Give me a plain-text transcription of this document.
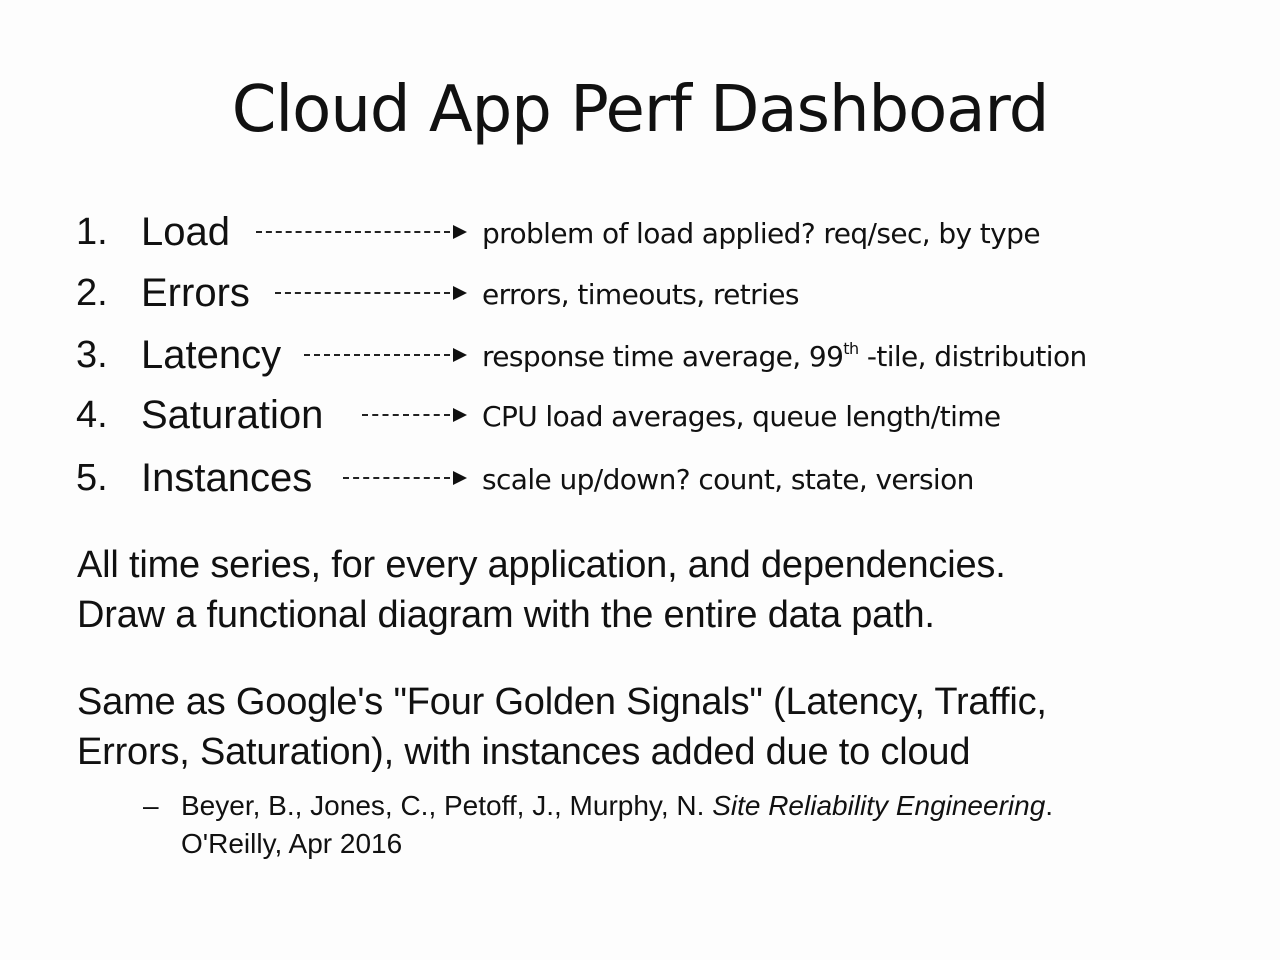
Cloud App Perf Dashboard
1. Load	problem of load applied? req/sec, by type
2. Errors	errors, timeouts, retries
3. Latency	response time average, 99th -tile, distribution
4. Saturation	CPU load averages, queue length/time
5. Instances	scale up/down? count, state, version
All time series, for every application, and dependencies.
Draw a functional diagram with the entire data path.
Same as Google's "Four Golden Signals" (Latency, Traffic,
Errors, Saturation), with instances added due to cloud
– Beyer, B., Jones, C., Petoff, J., Murphy, N. Site Reliability Engineering.
O'Reilly, Apr 2016
